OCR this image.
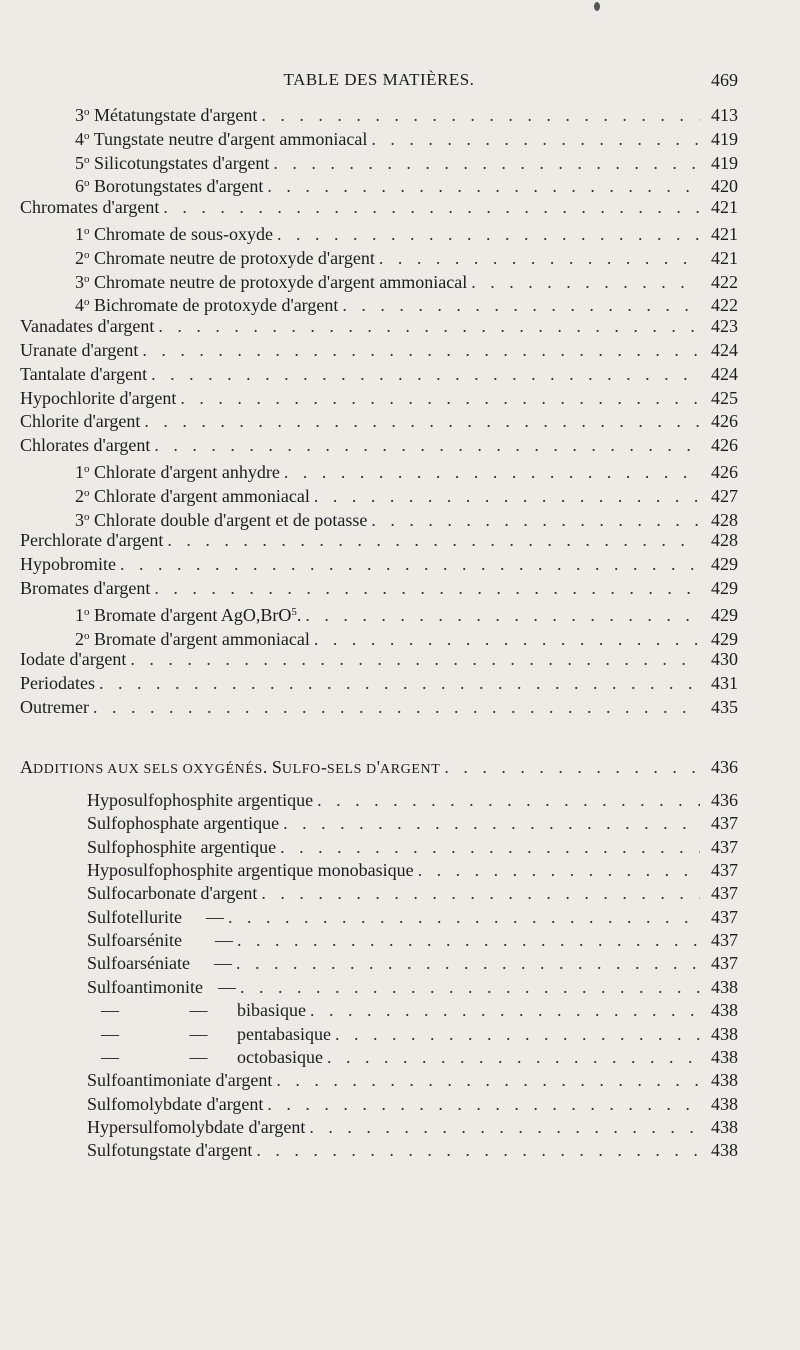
TABLE DES MATIÈRES.	469
3$^o$ Métatungstate d'argent . . .	413
4$^o$ Tungstate neutre d'argent ammoniacal . . .	419
5$^o$ Silicotungstates d'argent . . .	419
6$^o$ Borotungstates d'argent . . .	420
Chromates d'argent . . .	421
1$^o$ Chromate de sous-oxyde . . .	421
2$^o$ Chromate neutre de protoxyde d'argent . . .	421
3$^o$ Chromate neutre de protoxyde d'argent ammoniacal . . .	422
4$^o$ Bichromate de protoxyde d'argent . . .	422
Vanadates d'argent . . .	423
Uranate d'argent . . .	424
Tantalate d'argent . . .	424
Hypochlorite d'argent . . .	425
Chlorite d'argent . . .	426
Chlorates d'argent . . .	426
1$^o$ Chlorate d'argent anhydre . . .	426
2$^o$ Chlorate d'argent ammoniacal . . .	427
3$^o$ Chlorate double d'argent et de potasse . . .	428
Perchlorate d'argent . . .	428
Hypobromite . . .	429
Bromates d'argent . . .	429
1$^o$ Bromate d'argent AgO,BrO$^5$. . . .	429
2$^o$ Bromate d'argent ammoniacal . . .	429
Iodate d'argent . . .	430
Periodates . . .	431
Outremer . . .	435
ADDITIONS AUX SELS OXYGÉNÉS. SULFO-SELS D'ARGENT . . .	436
Hyposulfophosphite argentique . . .	436
Sulfophosphate argentique . . .	437
Sulfophosphite argentique . . .	437
Hyposulfophosphite argentique monobasique . . .	437
Sulfocarbonate d'argent . . .	437
Sulfotellurite — . . .	437
Sulfoarsénite — . . .	437
Sulfoarséniate — . . .	437
Sulfoantimonite — . . .	438
—	— bibasique . . .	438
—	— pentabasique . . .	438
—	— octobasique . . .	438
Sulfoantimoniate d'argent . . .	438
Sulfomolybdate d'argent . . .	438
Hypersulfomolybdate d'argent . . .	438
Sulfotungstate d'argent . . .	438
